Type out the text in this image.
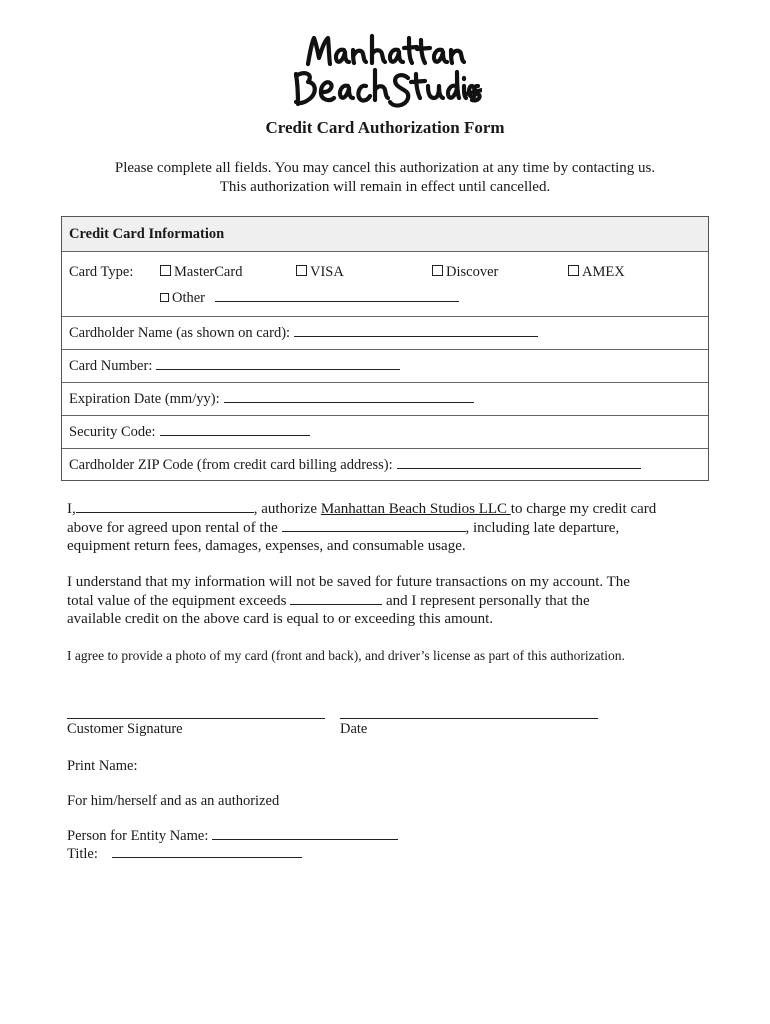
Credit Card Authorization Form
Please complete all fields. You may cancel this authorization at any time by contacting us.
This authorization will remain in effect until cancelled.
Credit Card Information
Card Type:	MasterCard	VISA	Discover	AMEX
Other
Cardholder Name (as shown on card):
Card Number:
Expiration Date (mm/yy):
Security Code:
Cardholder ZIP Code (from credit card billing address):
I,	, authorize Manhattan Beach Studios LLC to charge my credit card
above for agreed upon rental of the	, including late departure,
equipment return fees, damages, expenses, and consumable usage.
I understand that my information will not be saved for future transactions on my account. The
total value of the equipment exceeds	and I represent personally that the
available credit on the above card is equal to or exceeding this amount.
I agree to provide a photo of my card (front and back), and driver’s license as part of this authorization.
Customer Signature	Date
Print Name:
For him/herself and as an authorized
Person for Entity Name:
Title:
